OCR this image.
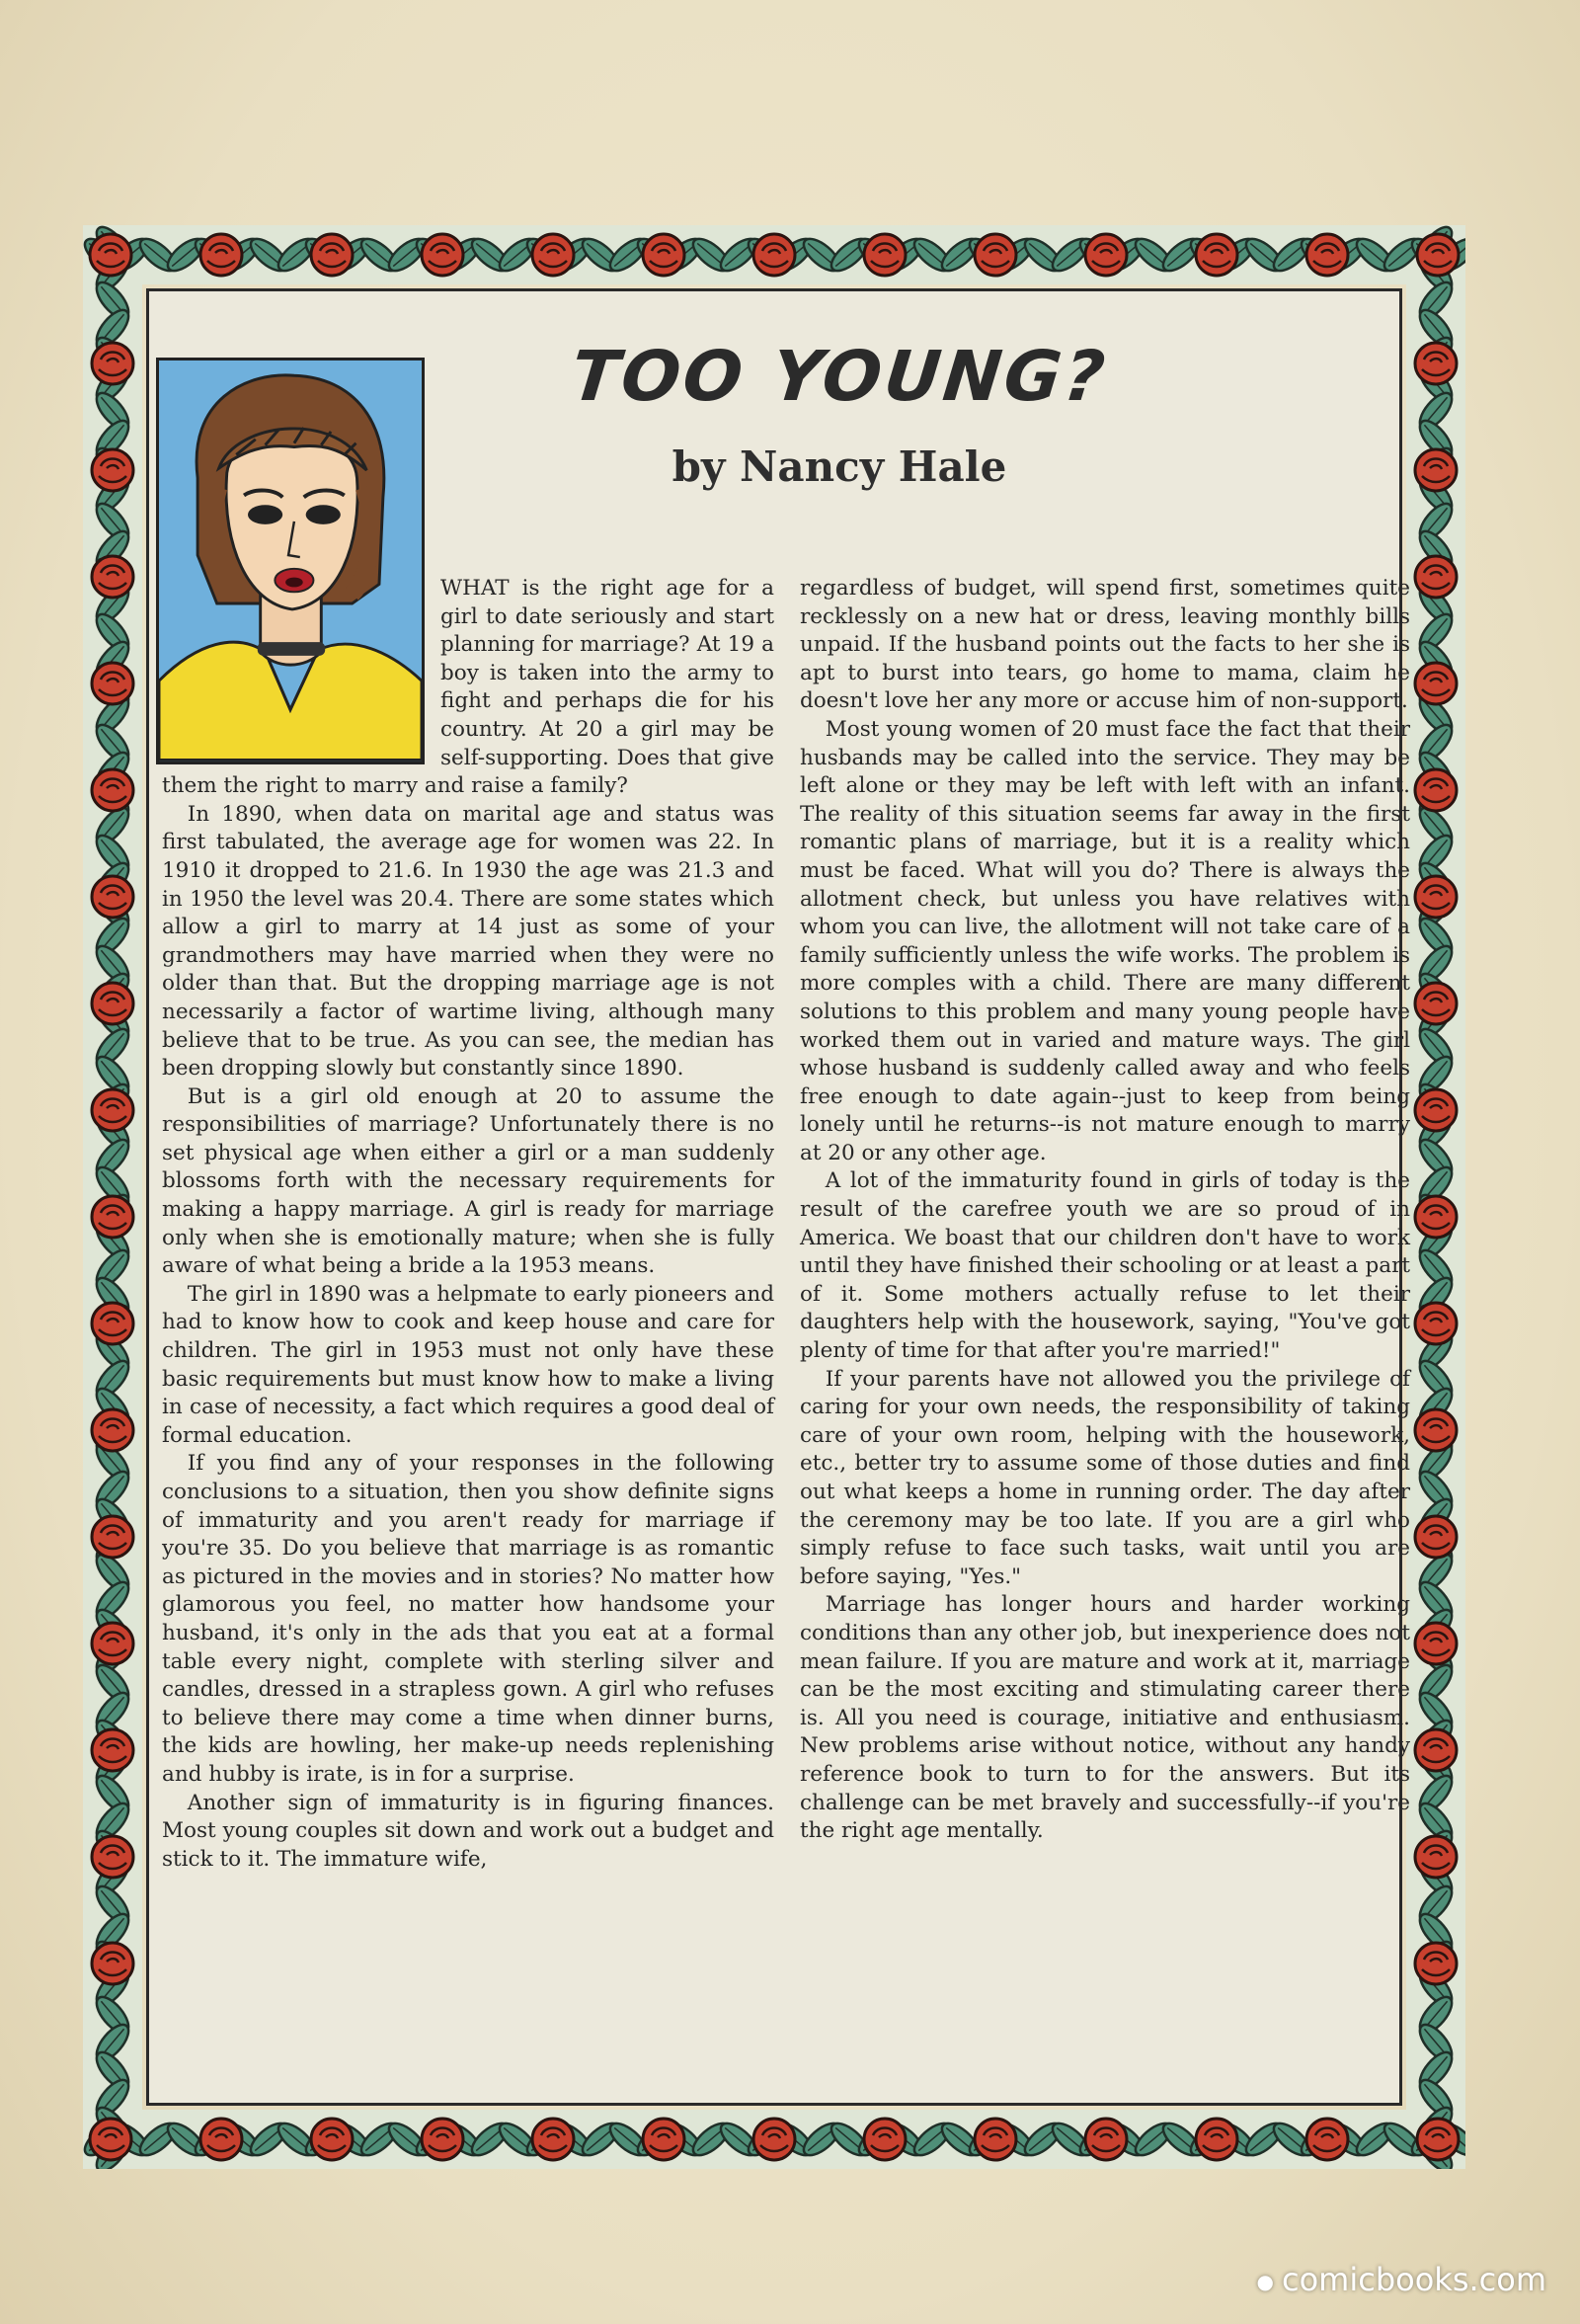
TOO YOUNG?
by Nancy Hale

WHAT is the right age for a girl to date seriously and start planning for marriage? At 19 a boy is taken into the army to fight and perhaps die for his country. At 20 a girl may be self-supporting. Does that give them the right to marry and raise a family?

In 1890, when data on marital age and status was first tabulated, the average age for women was 22. In 1910 it dropped to 21.6. In 1930 the age was 21.3 and in 1950 the level was 20.4. There are some states which allow a girl to marry at 14 just as some of your grandmothers may have married when they were no older than that. But the dropping marriage age is not necessarily a factor of wartime living, although many believe that to be true. As you can see, the median has been dropping slowly but constantly since 1890.

But is a girl old enough at 20 to assume the responsibilities of marriage? Unfortunately there is no set physical age when either a girl or a man suddenly blossoms forth with the necessary requirements for making a happy marriage. A girl is ready for marriage only when she is emotionally mature; when she is fully aware of what being a bride a la 1953 means.

The girl in 1890 was a helpmate to early pioneers and had to know how to cook and keep house and care for children. The girl in 1953 must not only have these basic requirements but must know how to make a living in case of necessity, a fact which requires a good deal of formal education.

If you find any of your responses in the following conclusions to a situation, then you show definite signs of immaturity and you aren't ready for marriage if you're 35. Do you believe that marriage is as romantic as pictured in the movies and in stories? No matter how glamorous you feel, no matter how handsome your husband, it's only in the ads that you eat at a formal table every night, complete with sterling silver and candles, dressed in a strapless gown. A girl who refuses to believe there may come a time when dinner burns, the kids are howling, her make-up needs replenishing and hubby is irate, is in for a surprise.

Another sign of immaturity is in figuring finances. Most young couples sit down and work out a budget and stick to it. The immature wife,

regardless of budget, will spend first, sometimes quite recklessly on a new hat or dress, leaving monthly bills unpaid. If the husband points out the facts to her she is apt to burst into tears, go home to mama, claim he doesn't love her any more or accuse him of non-support.

Most young women of 20 must face the fact that their husbands may be called into the service. They may be left alone or they may be left with left with an infant. The reality of this situation seems far away in the first romantic plans of marriage, but it is a reality which must be faced. What will you do? There is always the allotment check, but unless you have relatives with whom you can live, the allotment will not take care of a family sufficiently unless the wife works. The problem is more comples with a child. There are many different solutions to this problem and many young people have worked them out in varied and mature ways. The girl whose husband is suddenly called away and who feels free enough to date again--just to keep from being lonely until he returns--is not mature enough to marry at 20 or any other age.

A lot of the immaturity found in girls of today is the result of the carefree youth we are so proud of in America. We boast that our children don't have to work until they have finished their schooling or at least a part of it. Some mothers actually refuse to let their daughters help with the housework, saying, "You've got plenty of time for that after you're married!"

If your parents have not allowed you the privilege of caring for your own needs, the responsibility of taking care of your own room, helping with the housework, etc., better try to assume some of those duties and find out what keeps a home in running order. The day after the ceremony may be too late. If you are a girl who simply refuse to face such tasks, wait until you are before saying, "Yes."

Marriage has longer hours and harder working conditions than any other job, but inexperience does not mean failure. If you are mature and work at it, marriage can be the most exciting and stimulating career there is. All you need is courage, initiative and enthusiasm. New problems arise without notice, without any handy reference book to turn to for the answers. But its challenge can be met bravely and successfully--if you're the right age mentally.

● comicbooks.com
